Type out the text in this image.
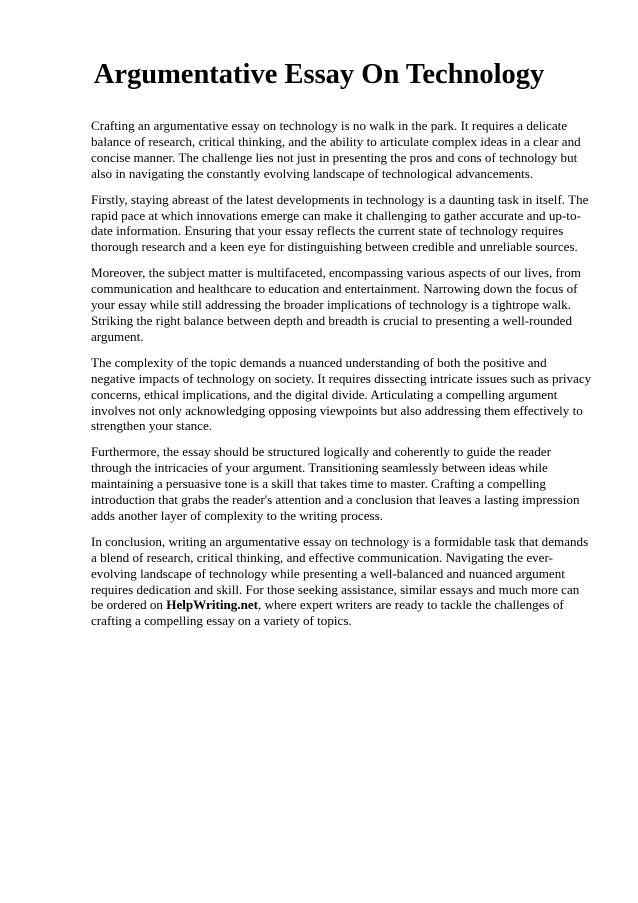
Argumentative Essay On Technology

Crafting an argumentative essay on technology is no walk in the park. It requires a delicate balance of research, critical thinking, and the ability to articulate complex ideas in a clear and concise manner. The challenge lies not just in presenting the pros and cons of technology but also in navigating the constantly evolving landscape of technological advancements.

Firstly, staying abreast of the latest developments in technology is a daunting task in itself. The rapid pace at which innovations emerge can make it challenging to gather accurate and up-to-date information. Ensuring that your essay reflects the current state of technology requires thorough research and a keen eye for distinguishing between credible and unreliable sources.

Moreover, the subject matter is multifaceted, encompassing various aspects of our lives, from communication and healthcare to education and entertainment. Narrowing down the focus of your essay while still addressing the broader implications of technology is a tightrope walk. Striking the right balance between depth and breadth is crucial to presenting a well-rounded argument.

The complexity of the topic demands a nuanced understanding of both the positive and negative impacts of technology on society. It requires dissecting intricate issues such as privacy concerns, ethical implications, and the digital divide. Articulating a compelling argument involves not only acknowledging opposing viewpoints but also addressing them effectively to strengthen your stance.

Furthermore, the essay should be structured logically and coherently to guide the reader through the intricacies of your argument. Transitioning seamlessly between ideas while maintaining a persuasive tone is a skill that takes time to master. Crafting a compelling introduction that grabs the reader's attention and a conclusion that leaves a lasting impression adds another layer of complexity to the writing process.

In conclusion, writing an argumentative essay on technology is a formidable task that demands a blend of research, critical thinking, and effective communication. Navigating the ever-evolving landscape of technology while presenting a well-balanced and nuanced argument requires dedication and skill. For those seeking assistance, similar essays and much more can be ordered on HelpWriting.net, where expert writers are ready to tackle the challenges of crafting a compelling essay on a variety of topics.
